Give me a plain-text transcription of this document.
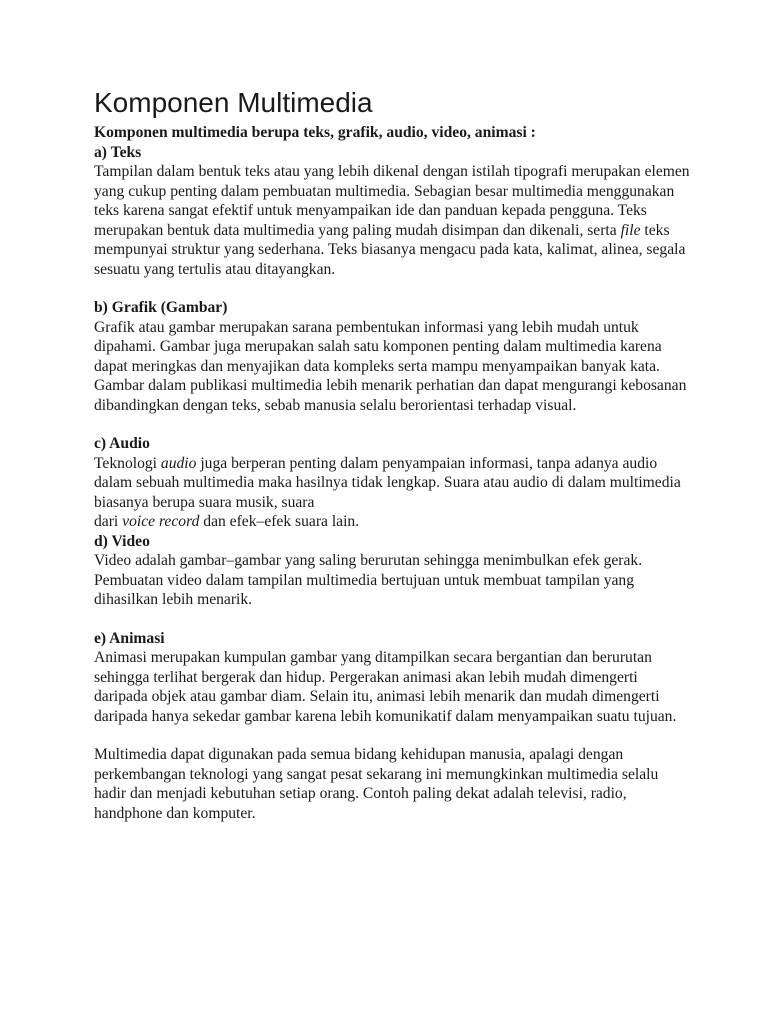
Komponen Multimedia

Komponen multimedia berupa teks, grafik, audio, video, animasi :

a) Teks

Tampilan dalam bentuk teks atau yang lebih dikenal dengan istilah tipografi merupakan elemen yang cukup penting dalam pembuatan multimedia. Sebagian besar multimedia menggunakan teks karena sangat efektif untuk menyampaikan ide dan panduan kepada pengguna. Teks merupakan bentuk data multimedia yang paling mudah disimpan dan dikenali, serta file teks
mempunyai struktur yang sederhana. Teks biasanya mengacu pada kata, kalimat, alinea, segala sesuatu yang tertulis atau ditayangkan.

b) Grafik (Gambar)

Grafik atau gambar merupakan sarana pembentukan informasi yang lebih mudah untuk dipahami. Gambar juga merupakan salah satu komponen penting dalam multimedia karena dapat meringkas dan menyajikan data kompleks serta mampu menyampaikan banyak kata. Gambar dalam publikasi multimedia lebih menarik perhatian dan dapat mengurangi kebosanan dibandingkan dengan teks, sebab manusia selalu berorientasi terhadap visual.

c) Audio

Teknologi audio juga berperan penting dalam penyampaian informasi, tanpa adanya audio dalam sebuah multimedia maka hasilnya tidak lengkap. Suara atau audio di dalam multimedia biasanya berupa suara musik, suara
dari voice record dan efek–efek suara lain.

d) Video

Video adalah gambar–gambar yang saling berurutan sehingga menimbulkan efek gerak. Pembuatan video dalam tampilan multimedia bertujuan untuk membuat tampilan yang dihasilkan lebih menarik.

e) Animasi

Animasi merupakan kumpulan gambar yang ditampilkan secara bergantian dan berurutan sehingga terlihat bergerak dan hidup. Pergerakan animasi akan lebih mudah dimengerti daripada objek atau gambar diam. Selain itu, animasi lebih menarik dan mudah dimengerti daripada hanya sekedar gambar karena lebih komunikatif dalam menyampaikan suatu tujuan.

Multimedia dapat digunakan pada semua bidang kehidupan manusia, apalagi dengan perkembangan teknologi yang sangat pesat sekarang ini memungkinkan multimedia selalu hadir dan menjadi kebutuhan setiap orang. Contoh paling dekat adalah televisi, radio, handphone dan komputer.
